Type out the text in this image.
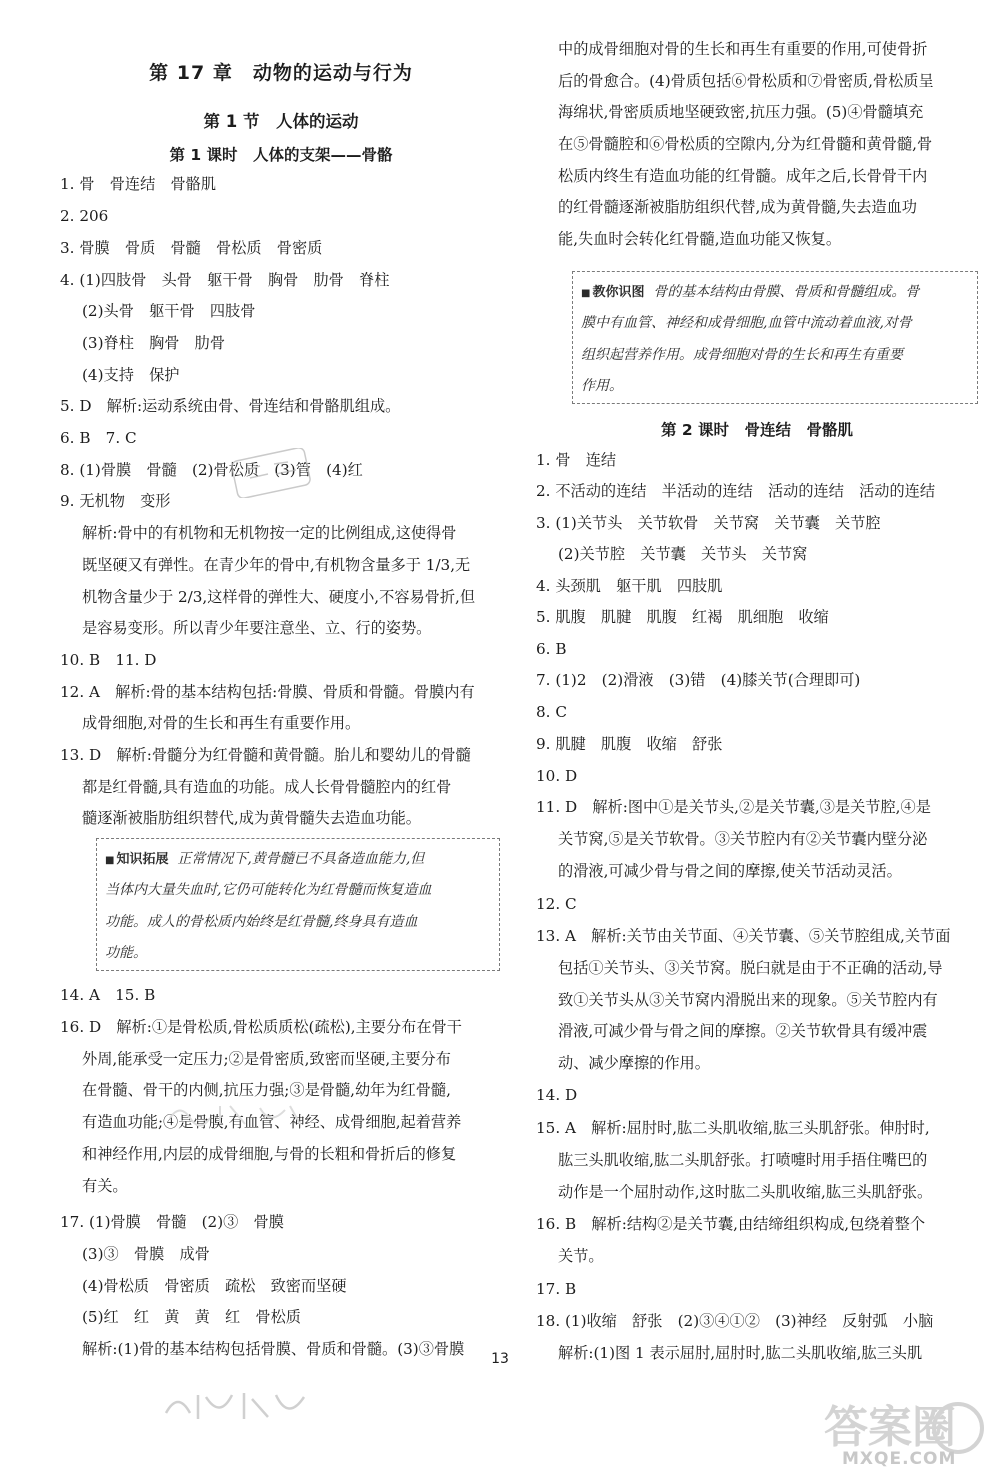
第 17 章　动物的运动与行为
第 1 节　人体的运动
第 1 课时　人体的支架——骨骼
1. 骨　骨连结　骨骼肌
2. 206
3. 骨膜　骨质　骨髓　骨松质　骨密质
4. (1)四肢骨　头骨　躯干骨　胸骨　肋骨　脊柱
(2)头骨　躯干骨　四肢骨
(3)脊柱　胸骨　肋骨
(4)支持　保护
5. D　解析:运动系统由骨、骨连结和骨骼肌组成。
6. B　7. C
8. (1)骨膜　骨髓　(2)骨松质　(3)管　(4)红
9. 无机物　变形
解析:骨中的有机物和无机物按一定的比例组成,这使得骨
既坚硬又有弹性。在青少年的骨中,有机物含量多于 1/3,无
机物含量少于 2/3,这样骨的弹性大、硬度小,不容易骨折,但
是容易变形。所以青少年要注意坐、立、行的姿势。
10. B　11. D
12. A　解析:骨的基本结构包括:骨膜、骨质和骨髓。骨膜内有
成骨细胞,对骨的生长和再生有重要作用。
13. D　解析:骨髓分为红骨髓和黄骨髓。胎儿和婴幼儿的骨髓
都是红骨髓,具有造血的功能。成人长骨骨髓腔内的红骨
髓逐渐被脂肪组织替代,成为黄骨髓失去造血功能。
■ 知识拓展 正常情况下,黄骨髓已不具备造血能力,但
当体内大量失血时,它仍可能转化为红骨髓而恢复造血
功能。成人的骨松质内始终是红骨髓,终身具有造血
功能。
14. A　15. B
16. D　解析:①是骨松质,骨松质质松(疏松),主要分布在骨干
外周,能承受一定压力;②是骨密质,致密而坚硬,主要分布
在骨髓、骨干的内侧,抗压力强;③是骨髓,幼年为红骨髓,
有造血功能;④是骨膜,有血管、神经、成骨细胞,起着营养
和神经作用,内层的成骨细胞,与骨的长粗和骨折后的修复
有关。
17. (1)骨膜　骨髓　(2)③　骨膜
(3)③　骨膜　成骨
(4)骨松质　骨密质　疏松　致密而坚硬
(5)红　红　黄　黄　红　骨松质
解析:(1)骨的基本结构包括骨膜、骨质和骨髓。(3)③骨膜
中的成骨细胞对骨的生长和再生有重要的作用,可使骨折
后的骨愈合。(4)骨质包括⑥骨松质和⑦骨密质,骨松质呈
海绵状,骨密质质地坚硬致密,抗压力强。(5)④骨髓填充
在⑤骨髓腔和⑥骨松质的空隙内,分为红骨髓和黄骨髓,骨
松质内终生有造血功能的红骨髓。成年之后,长骨骨干内
的红骨髓逐渐被脂肪组织代替,成为黄骨髓,失去造血功
能,失血时会转化红骨髓,造血功能又恢复。
■ 教你识图 骨的基本结构由骨膜、骨质和骨髓组成。骨
膜中有血管、神经和成骨细胞,血管中流动着血液,对骨
组织起营养作用。成骨细胞对骨的生长和再生有重要
作用。
第 2 课时　骨连结　骨骼肌
1. 骨　连结
2. 不活动的连结　半活动的连结　活动的连结　活动的连结
3. (1)关节头　关节软骨　关节窝　关节囊　关节腔
(2)关节腔　关节囊　关节头　关节窝
4. 头颈肌　躯干肌　四肢肌
5. 肌腹　肌腱　肌腹　红褐　肌细胞　收缩
6. B
7. (1)2　(2)滑液　(3)错　(4)膝关节(合理即可)
8. C
9. 肌腱　肌腹　收缩　舒张
10. D
11. D　解析:图中①是关节头,②是关节囊,③是关节腔,④是
关节窝,⑤是关节软骨。③关节腔内有②关节囊内壁分泌
的滑液,可减少骨与骨之间的摩擦,使关节活动灵活。
12. C
13. A　解析:关节由关节面、④关节囊、⑤关节腔组成,关节面
包括①关节头、③关节窝。脱臼就是由于不正确的活动,导
致①关节头从③关节窝内滑脱出来的现象。⑤关节腔内有
滑液,可减少骨与骨之间的摩擦。②关节软骨具有缓冲震
动、减少摩擦的作用。
14. D
15. A　解析:屈肘时,肱二头肌收缩,肱三头肌舒张。伸肘时,
肱三头肌收缩,肱二头肌舒张。打喷嚏时用手捂住嘴巴的
动作是一个屈肘动作,这时肱二头肌收缩,肱三头肌舒张。
16. B　解析:结构②是关节囊,由结缔组织构成,包绕着整个
关节。
17. B
18. (1)收缩　舒张　(2)③④①②　(3)神经　反射弧　小脑
解析:(1)图 1 表示屈肘,屈肘时,肱二头肌收缩,肱三头肌
13
答案圈
MXQE.COM
